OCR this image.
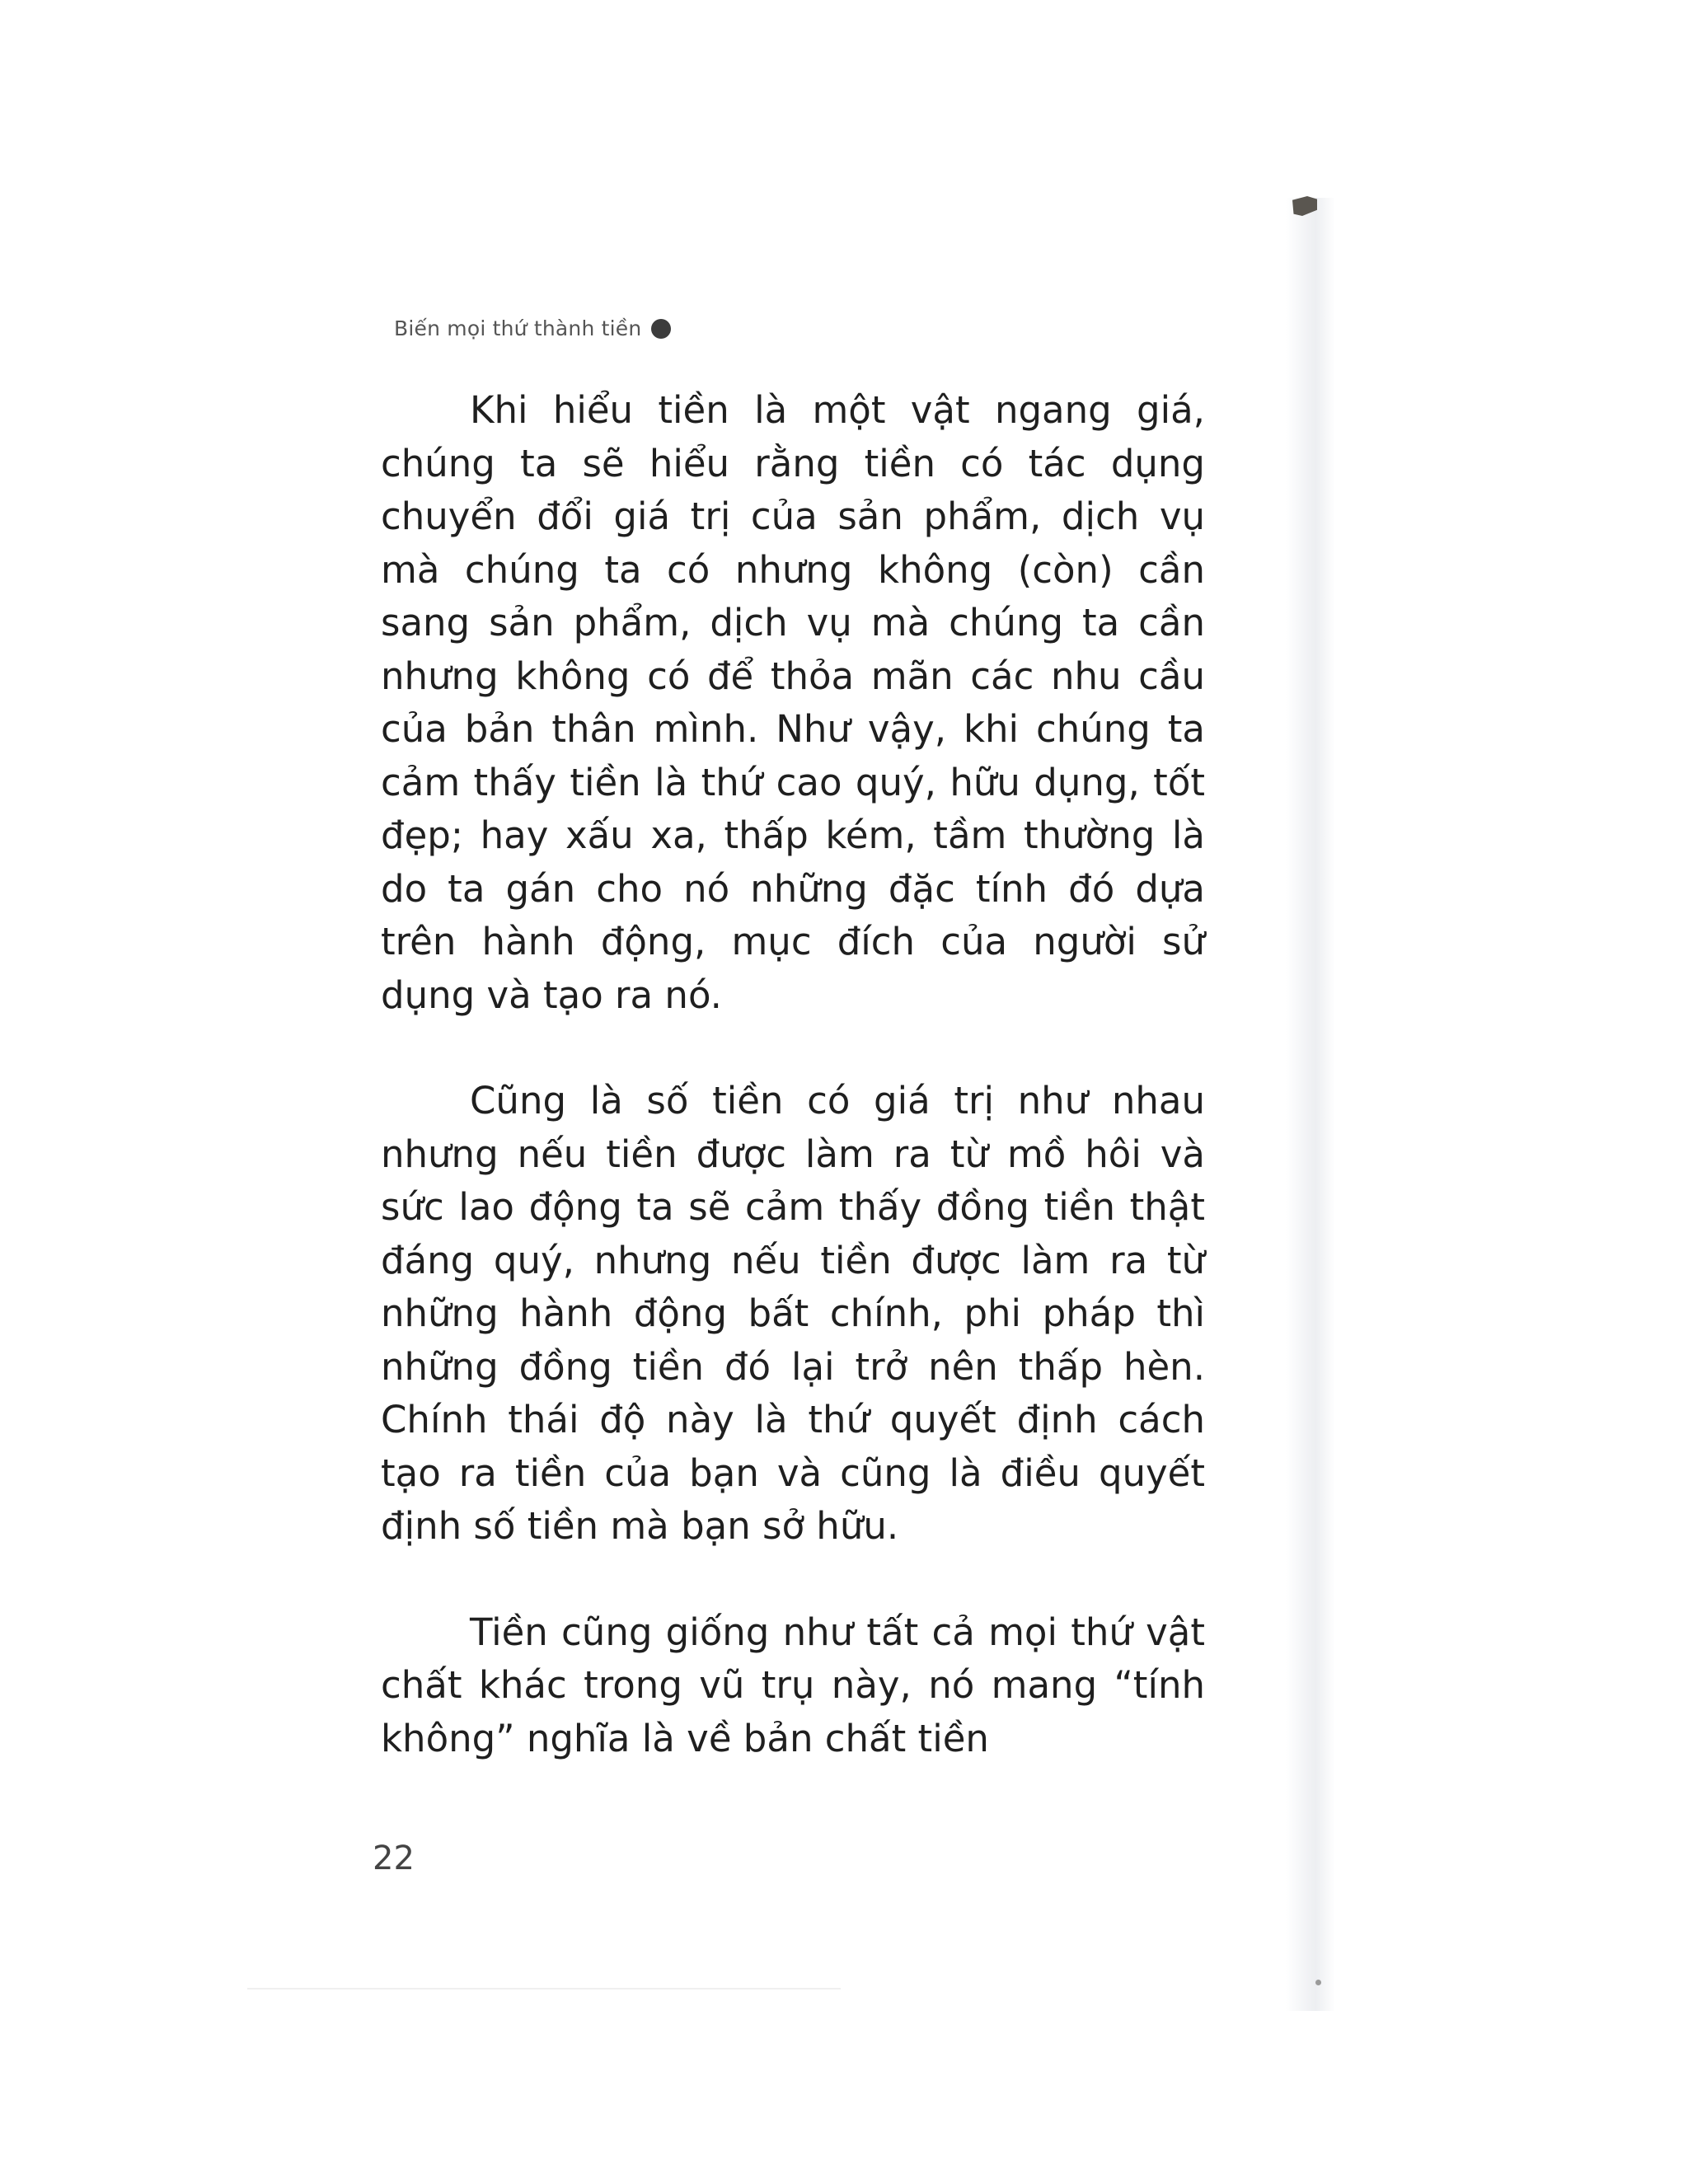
Biến mọi thứ thành tiền

Khi hiểu tiền là một vật ngang giá, chúng ta sẽ hiểu rằng tiền có tác dụng chuyển đổi giá trị của sản phẩm, dịch vụ mà chúng ta có nhưng không (còn) cần sang sản phẩm, dịch vụ mà chúng ta cần nhưng không có để thỏa mãn các nhu cầu của bản thân mình. Như vậy, khi chúng ta cảm thấy tiền là thứ cao quý, hữu dụng, tốt đẹp; hay xấu xa, thấp kém, tầm thường là do ta gán cho nó những đặc tính đó dựa trên hành động, mục đích của người sử dụng và tạo ra nó.

Cũng là số tiền có giá trị như nhau nhưng nếu tiền được làm ra từ mồ hôi và sức lao động ta sẽ cảm thấy đồng tiền thật đáng quý, nhưng nếu tiền được làm ra từ những hành động bất chính, phi pháp thì những đồng tiền đó lại trở nên thấp hèn. Chính thái độ này là thứ quyết định cách tạo ra tiền của bạn và cũng là điều quyết định số tiền mà bạn sở hữu.

Tiền cũng giống như tất cả mọi thứ vật chất khác trong vũ trụ này, nó mang “tính không” nghĩa là về bản chất tiền

22
